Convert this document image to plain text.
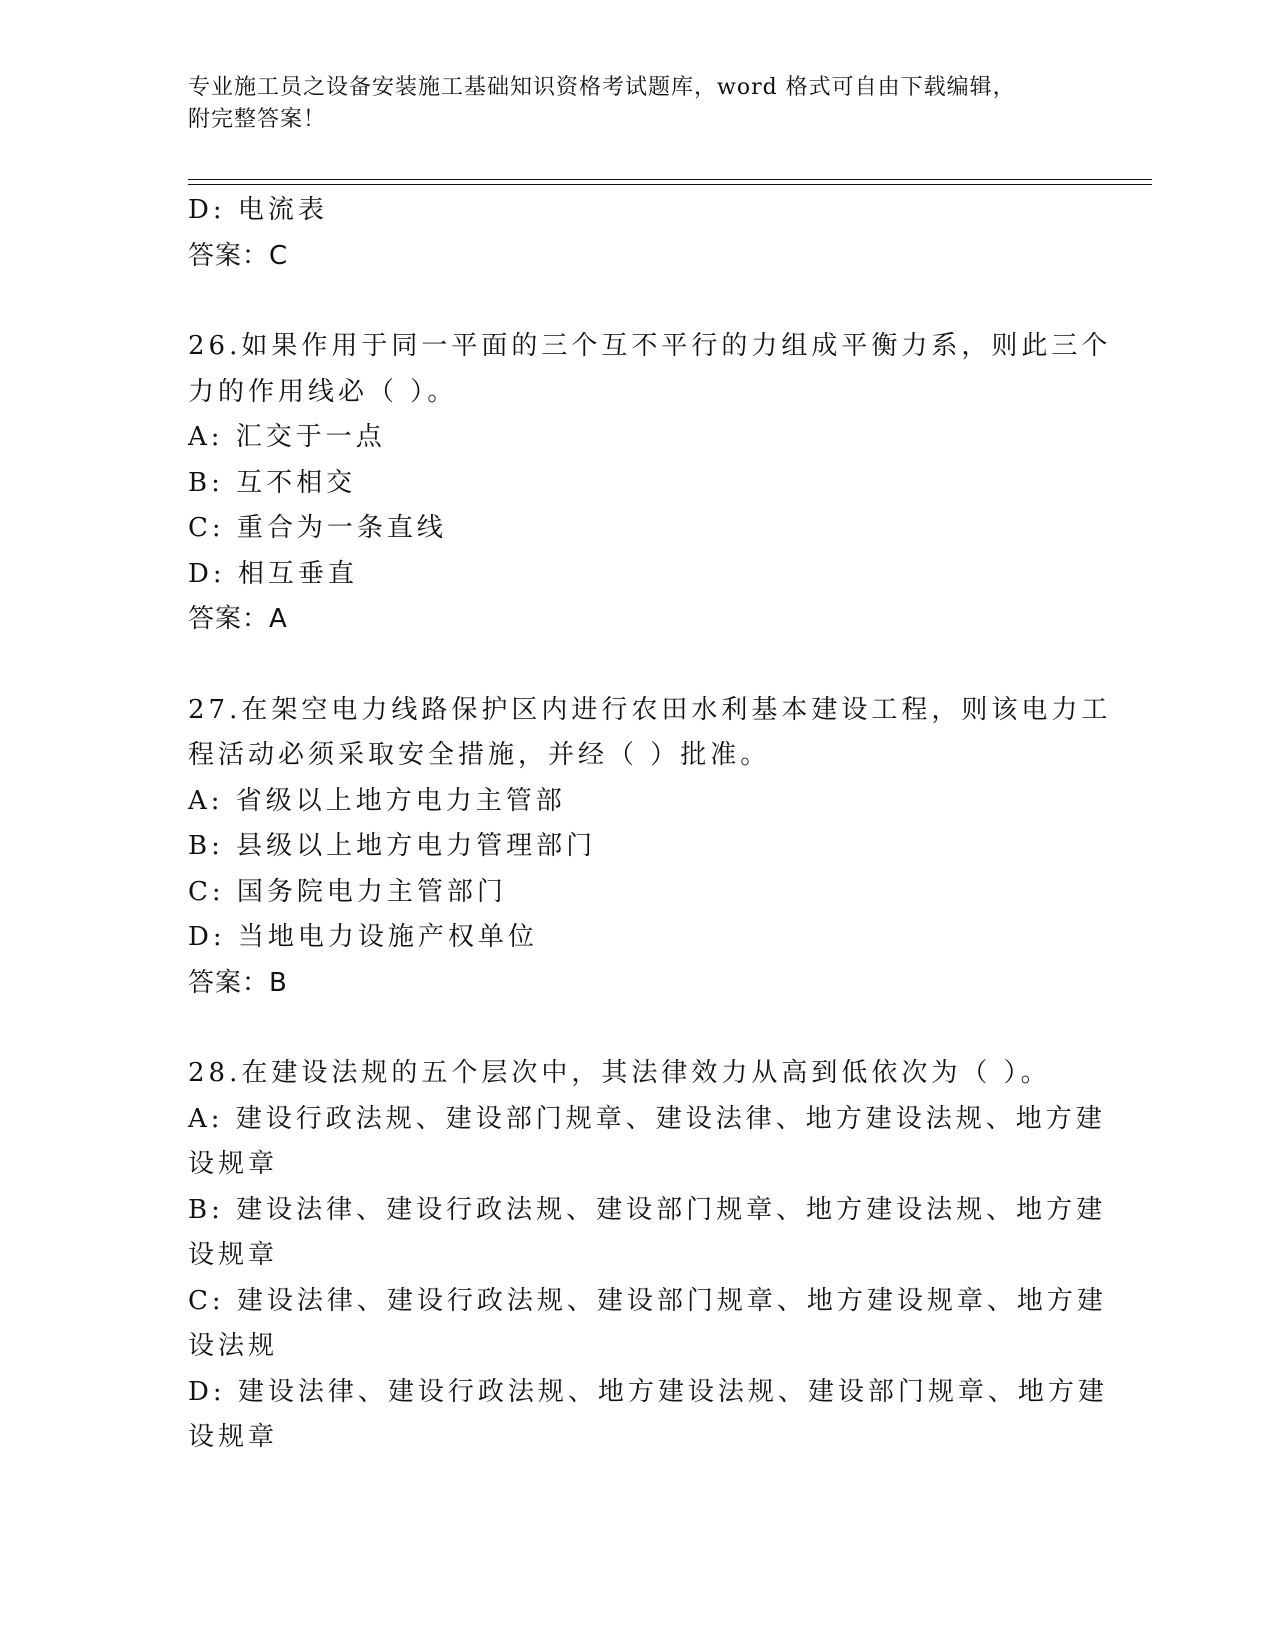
专业施工员之设备安装施工基础知识资格考试题库，word 格式可自由下载编辑，
附完整答案！

D: 电流表

答案：C

26.如果作用于同一平面的三个互不平行的力组成平衡力系，则此三个

力的作用线必（ ）。

A: 汇交于一点

B: 互不相交

C: 重合为一条直线

D: 相互垂直

答案：A

27.在架空电力线路保护区内进行农田水利基本建设工程，则该电力工

程活动必须采取安全措施，并经（ ）批准。

A: 省级以上地方电力主管部

B: 县级以上地方电力管理部门

C: 国务院电力主管部门

D: 当地电力设施产权单位

答案：B

28.在建设法规的五个层次中，其法律效力从高到低依次为（ ）。

A: 建设行政法规、建设部门规章、建设法律、地方建设法规、地方建

设规章

B: 建设法律、建设行政法规、建设部门规章、地方建设法规、地方建

设规章

C: 建设法律、建设行政法规、建设部门规章、地方建设规章、地方建

设法规

D: 建设法律、建设行政法规、地方建设法规、建设部门规章、地方建

设规章
